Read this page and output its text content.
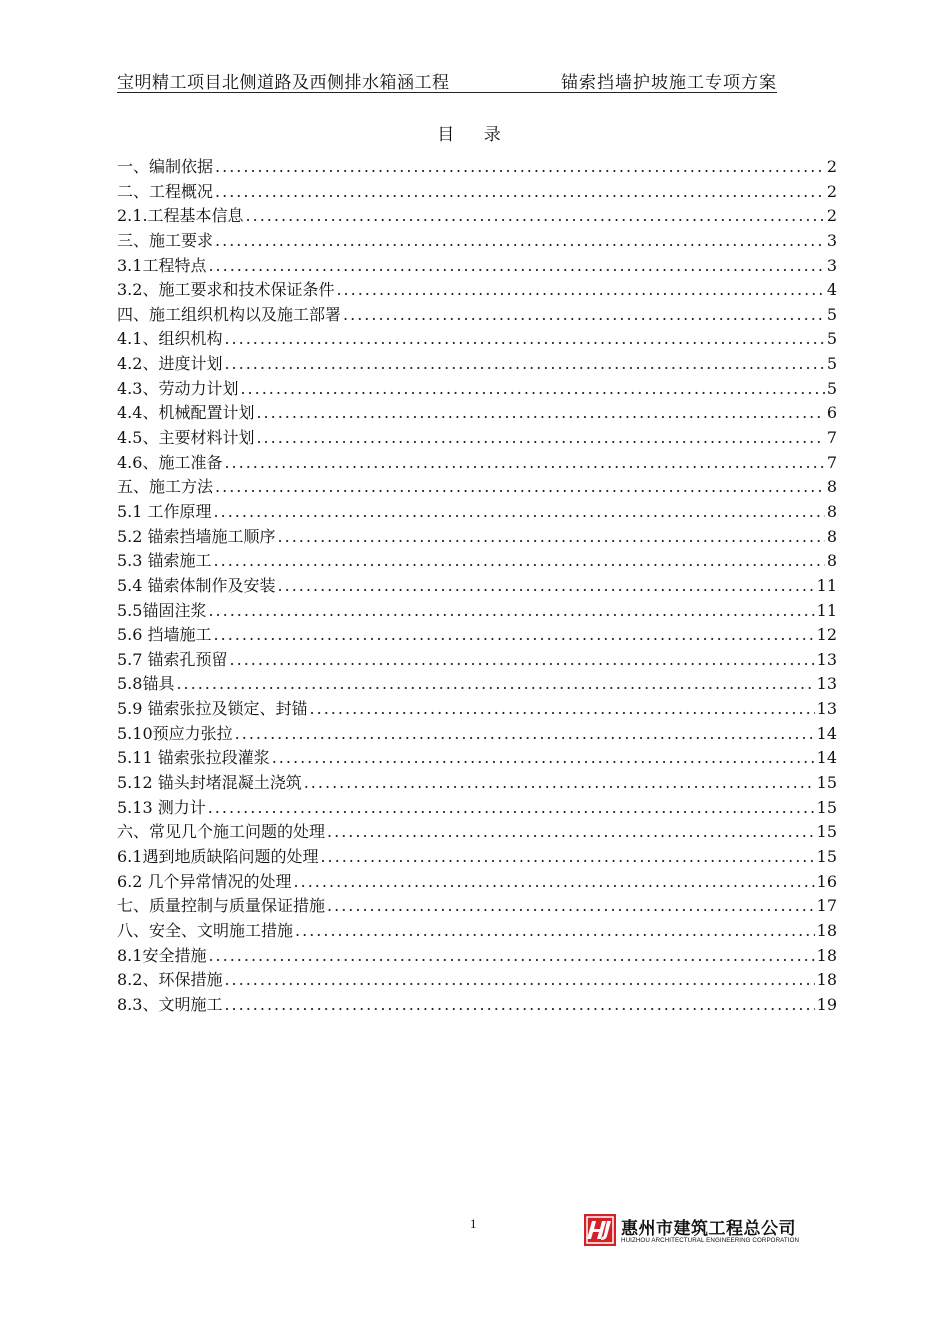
宝明精工项目北侧道路及西侧排水箱涵工程	锚索挡墙护坡施工专项方案
目 录
一、编制依据 .....	2
二、工程概况 .....	2
2.1.工程基本信息 .....	2
三、施工要求 .....	3
3.1工程特点 .....	3
3.2、施工要求和技术保证条件 .....	4
四、施工组织机构以及施工部署 .....	5
4.1、组织机构 .....	5
4.2、进度计划 .....	5
4.3、劳动力计划 .....	5
4.4、机械配置计划 .....	6
4.5、主要材料计划 .....	7
4.6、施工准备 .....	7
五、施工方法 .....	8
5.1 工作原理 .....	8
5.2 锚索挡墙施工顺序 .....	8
5.3 锚索施工 .....	8
5.4 锚索体制作及安装 .....	11
5.5锚固注浆 .....	11
5.6 挡墙施工 .....	12
5.7 锚索孔预留 .....	13
5.8锚具 .....	13
5.9 锚索张拉及锁定、封锚 .....	13
5.10预应力张拉 .....	14
5.11 锚索张拉段灌浆 .....	14
5.12 锚头封堵混凝土浇筑 .....	15
5.13 测力计 .....	15
六、常见几个施工问题的处理 .....	15
6.1遇到地质缺陷问题的处理 .....	15
6.2 几个异常情况的处理 .....	16
七、质量控制与质量保证措施 .....	17
八、安全、文明施工措施 .....	18
8.1安全措施 .....	18
8.2、环保措施 .....	18
8.3、文明施工 .....	19
1	惠州市建筑工程总公司
HUIZHOU ARCHITECTURAL ENGINEERING CORPORATION
